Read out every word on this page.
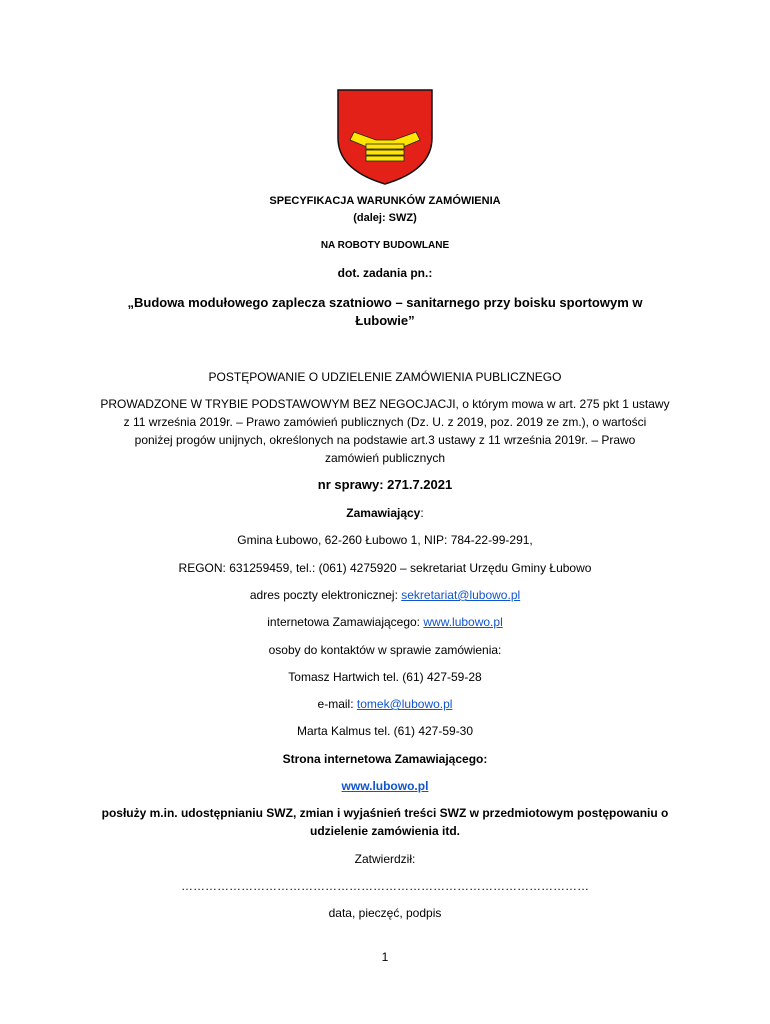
SPECYFIKACJA WARUNKÓW ZAMÓWIENIA
(dalej: SWZ)
NA ROBOTY BUDOWLANE
dot. zadania pn.:
„Budowa modułowego zaplecza szatniowo – sanitarnego przy boisku sportowym w
Łubowie”
POSTĘPOWANIE O UDZIELENIE ZAMÓWIENIA PUBLICZNEGO
PROWADZONE W TRYBIE PODSTAWOWYM BEZ NEGOCJACJI, o którym mowa w art. 275 pkt 1 ustawy
z 11 września 2019r. – Prawo zamówień publicznych (Dz. U. z 2019, poz. 2019 ze zm.), o wartości
poniżej progów unijnych, określonych na podstawie art.3 ustawy z 11 września 2019r. – Prawo
zamówień publicznych
nr sprawy: 271.7.2021
Zamawiający:
Gmina Łubowo, 62-260 Łubowo 1, NIP: 784-22-99-291,
REGON: 631259459, tel.: (061) 4275920 – sekretariat Urzędu Gminy Łubowo
adres poczty elektronicznej: sekretariat@lubowo.pl
internetowa Zamawiającego: www.lubowo.pl
osoby do kontaktów w sprawie zamówienia:
Tomasz Hartwich tel. (61) 427-59-28
e-mail: tomek@lubowo.pl
Marta Kalmus tel. (61) 427-59-30
Strona internetowa Zamawiającego:
www.lubowo.pl
posłuży m.in. udostępnianiu SWZ, zmian i wyjaśnień treści SWZ w przedmiotowym postępowaniu o
udzielenie zamówienia itd.
Zatwierdził:
…………………………………………………………………………………………
data, pieczęć, podpis
1
